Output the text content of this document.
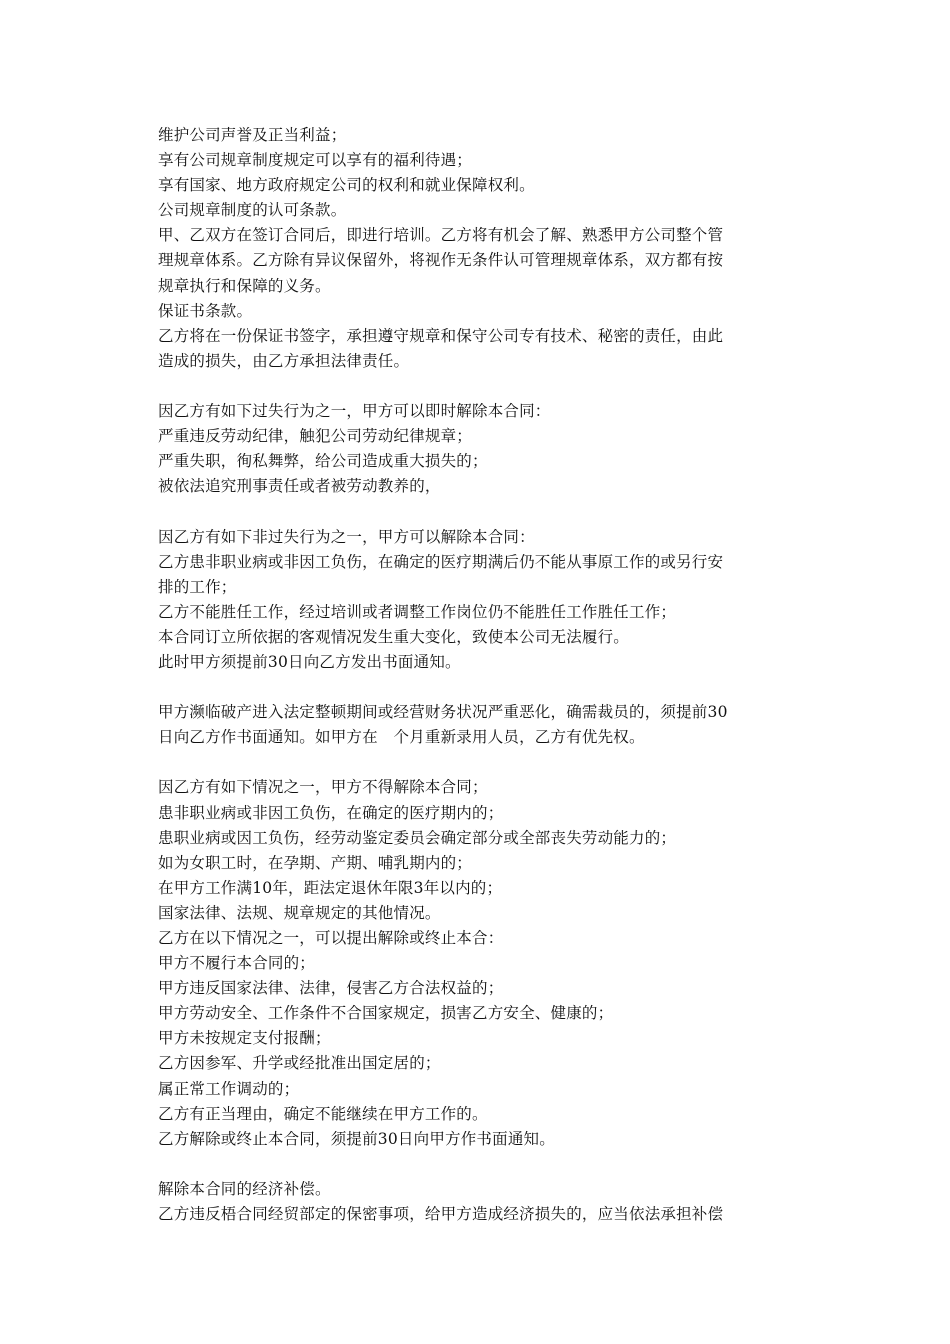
维护公司声誉及正当利益；
享有公司规章制度规定可以享有的福利待遇；
享有国家、地方政府规定公司的权利和就业保障权利。
公司规章制度的认可条款。
甲、乙双方在签订合同后，即进行培训。乙方将有机会了解、熟悉甲方公司整个管
理规章体系。乙方除有异议保留外，将视作无条件认可管理规章体系，双方都有按
规章执行和保障的义务。
保证书条款。
乙方将在一份保证书签字，承担遵守规章和保守公司专有技术、秘密的责任，由此
造成的损失，由乙方承担法律责任。
因乙方有如下过失行为之一，甲方可以即时解除本合同：
严重违反劳动纪律，触犯公司劳动纪律规章；
严重失职，徇私舞弊，给公司造成重大损失的；
被依法追究刑事责任或者被劳动教养的，
因乙方有如下非过失行为之一，甲方可以解除本合同：
乙方患非职业病或非因工负伤，在确定的医疗期满后仍不能从事原工作的或另行安
排的工作；
乙方不能胜任工作，经过培训或者调整工作岗位仍不能胜任工作胜任工作；
本合同订立所依据的客观情况发生重大变化，致使本公司无法履行。
此时甲方须提前30日向乙方发出书面通知。
甲方濒临破产进入法定整顿期间或经营财务状况严重恶化，确需裁员的，须提前30
日向乙方作书面通知。如甲方在　个月重新录用人员，乙方有优先权。
因乙方有如下情况之一，甲方不得解除本合同；
患非职业病或非因工负伤，在确定的医疗期内的；
患职业病或因工负伤，经劳动鉴定委员会确定部分或全部丧失劳动能力的；
如为女职工时，在孕期、产期、哺乳期内的；
在甲方工作满10年，距法定退休年限3年以内的；
国家法律、法规、规章规定的其他情况。
乙方在以下情况之一，可以提出解除或终止本合：
甲方不履行本合同的；
甲方违反国家法律、法律，侵害乙方合法权益的；
甲方劳动安全、工作条件不合国家规定，损害乙方安全、健康的；
甲方未按规定支付报酬；
乙方因参军、升学或经批准出国定居的；
属正常工作调动的；
乙方有正当理由，确定不能继续在甲方工作的。
乙方解除或终止本合同，须提前30日向甲方作书面通知。
解除本合同的经济补偿。
乙方违反梧合同经贸部定的保密事项，给甲方造成经济损失的，应当依法承担补偿
